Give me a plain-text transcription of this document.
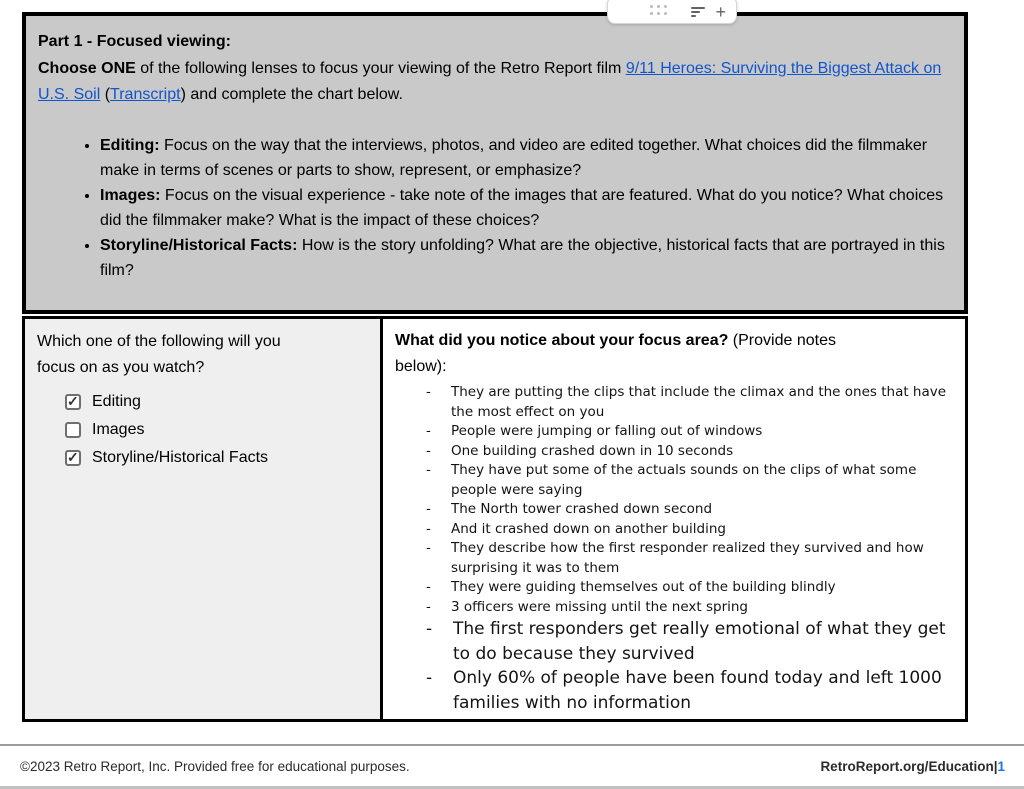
+
Part 1 - Focused viewing:
Choose ONE of the following lenses to focus your viewing of the Retro Report film 9/11 Heroes: Surviving the Biggest Attack on U.S. Soil (Transcript) and complete the chart below.
• Editing: Focus on the way that the interviews, photos, and video are edited together. What choices did the filmmaker make in terms of scenes or parts to show, represent, or emphasize?
• Images: Focus on the visual experience - take note of the images that are featured. What do you notice? What choices did the filmmaker make? What is the impact of these choices?
• Storyline/Historical Facts: How is the story unfolding? What are the objective, historical facts that are portrayed in this film?

Which one of the following will you focus on as you watch?

✓
Editing
Images
✓
Storyline/Historical Facts

What did you notice about your focus area? (Provide notes below):

- They are putting the clips that include the climax and the ones that have the most effect on you
- People were jumping or falling out of windows
- One building crashed down in 10 seconds
- They have put some of the actuals sounds on the clips of what some people were saying
- The North tower crashed down second
- And it crashed down on another building
- They describe how the first responder realized they survived and how surprising it was to them
- They were guiding themselves out of the building blindly
- 3 officers were missing until the next spring
- The first responders get really emotional of what they get to do because they survived
- Only 60% of people have been found today and left 1000 families with no information
©2023 Retro Report, Inc. Provided free for educational purposes.	RetroReport.org/Education|1
